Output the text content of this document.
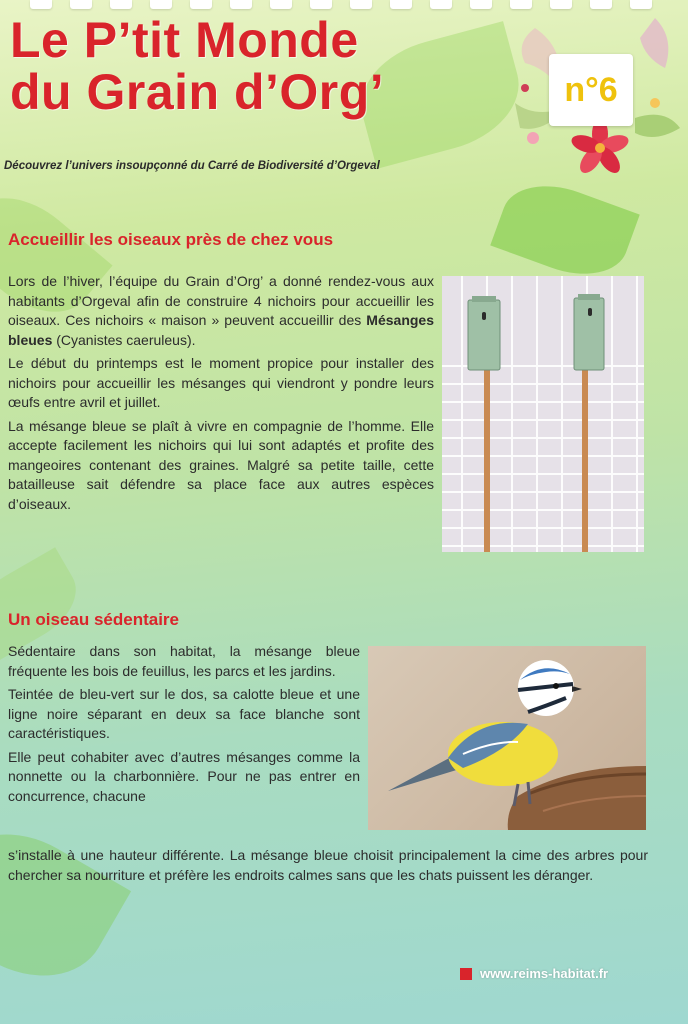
Le P’tit Monde
du Grain d’Org’	n°6
Découvrez l’univers insoupçonné du Carré de Biodiversité d’Orgeval
Accueillir les oiseaux près de chez vous

Lors de l’hiver, l’équipe du Grain d’Org’ a donné rendez-vous aux habitants d’Orgeval afin de construire 4 nichoirs pour accueillir les oiseaux. Ces nichoirs « maison » peuvent accueillir des Mésanges bleues (Cyanistes caeruleus).

Le début du printemps est le moment propice pour installer des nichoirs pour accueillir les mésanges qui viendront y pondre leurs œufs entre avril et juillet.

La mésange bleue se plaît à vivre en compagnie de l’homme. Elle accepte facilement les nichoirs qui lui sont adaptés et profite des mangeoires contenant des graines. Malgré sa petite taille, cette batailleuse sait défendre sa place face aux autres espèces d’oiseaux.

Un oiseau sédentaire

Sédentaire dans son habitat, la mésange bleue fréquente les bois de feuillus, les parcs et les jardins.

Teintée de bleu-vert sur le dos, sa calotte bleue et une ligne noire séparant en deux sa face blanche sont caractéristiques.

Elle peut cohabiter avec d’autres mésanges comme la nonnette ou la charbonnière. Pour ne pas entrer en concurrence, chacune

s’installe à une hauteur différente. La mésange bleue choisit principalement la cime des arbres pour chercher sa nourriture et préfère les endroits calmes sans que les chats puissent les déranger.

www.reims-habitat.fr
